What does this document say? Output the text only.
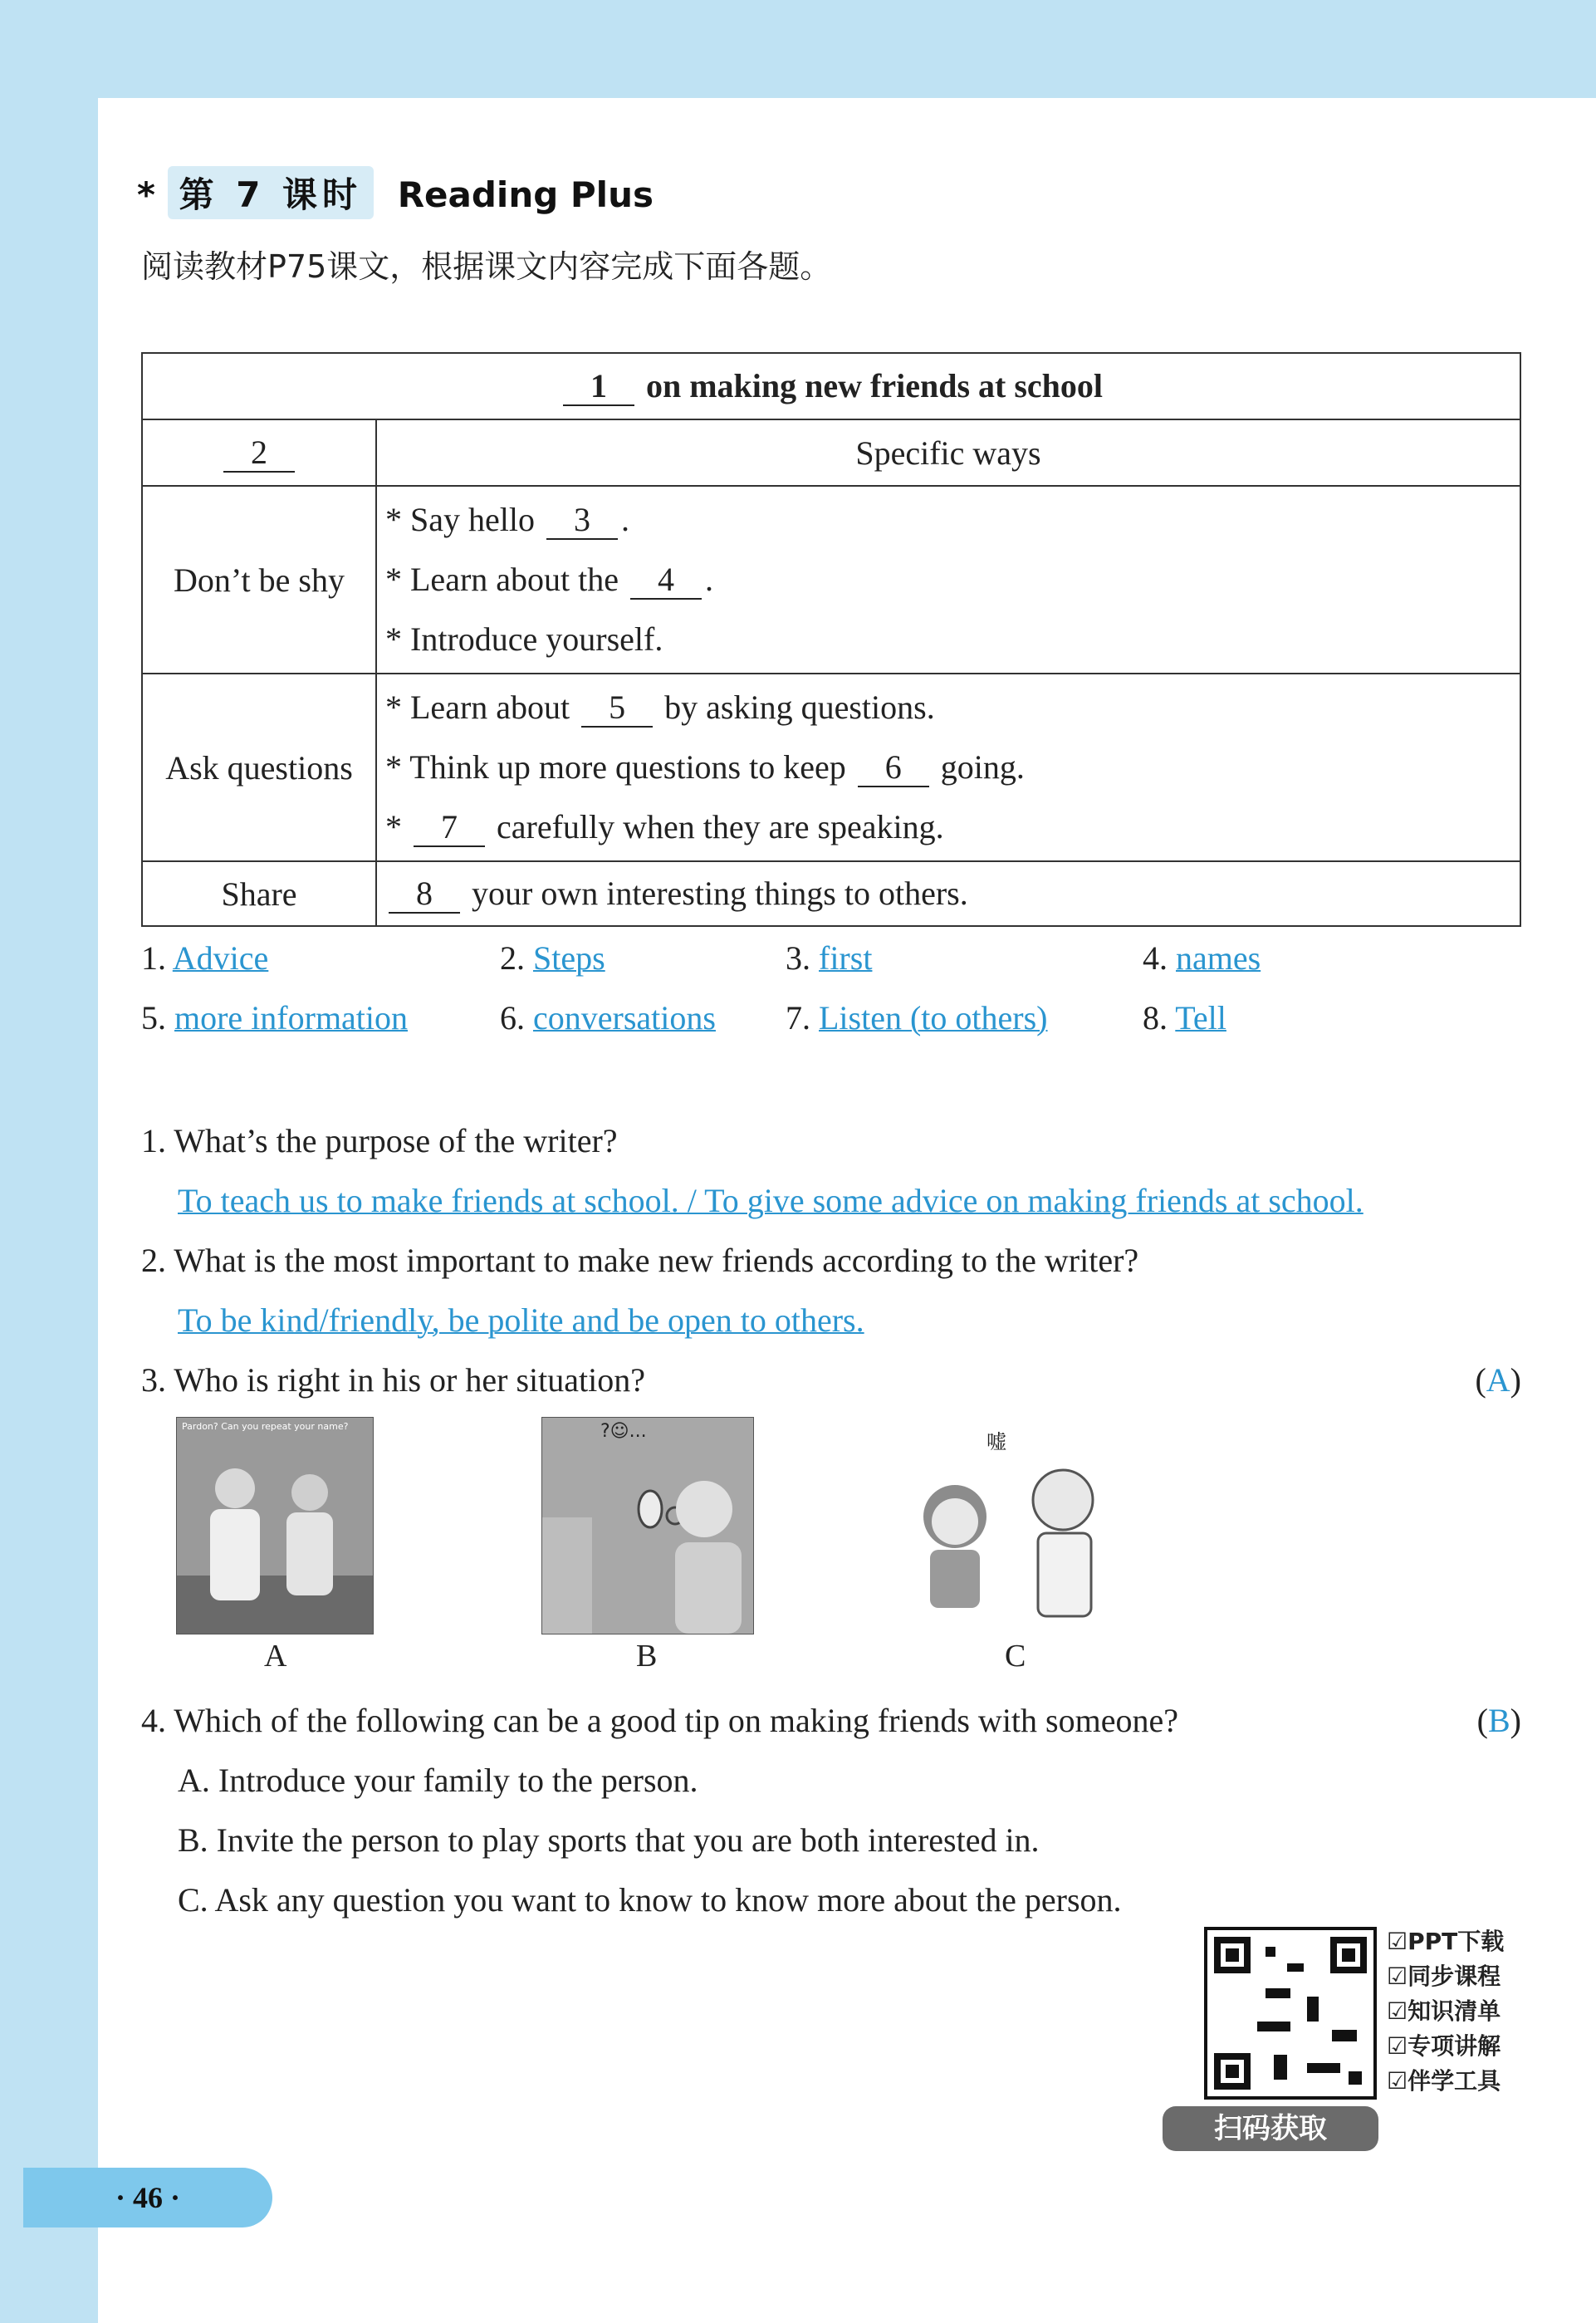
* 第 7 课时 Reading Plus
阅读教材P75课文，根据课文内容完成下面各题。
1 on making new friends at school	
2	Specific ways
Don’t be shy	* Say hello 3 .
* Learn about the 4 .
* Introduce yourself.

Ask questions	* Learn about 5 by asking questions.
* Think up more questions to keep 6 going.
* 7 carefully when they are speaking.

Share	8 your own interesting things to others.
1. Advice	2. Steps	3. first	4. names
5. more information	6. conversations 7. Listen (to others)	8. Tell
1. What’s the purpose of the writer?
To teach us to make friends at school. / To give some advice on making friends at school.
2. What is the most important to make new friends according to the writer?
To be kind/friendly, be polite and be open to others.
3. Who is right in his or her situation?	(A)
Pardon? Can you repeat your name?
A
?☺...
B
嘘
C
4. Which of the following can be a good tip on making friends with someone?	(B)
A. Introduce your family to the person.
B. Invite the person to play sports that you are both interested in.
C. Ask any question you want to know to know more about the person.
☑PPT下载
☑同步课程
☑知识清单
☑专项讲解
☑伴学工具
扫码获取
· 46 ·
